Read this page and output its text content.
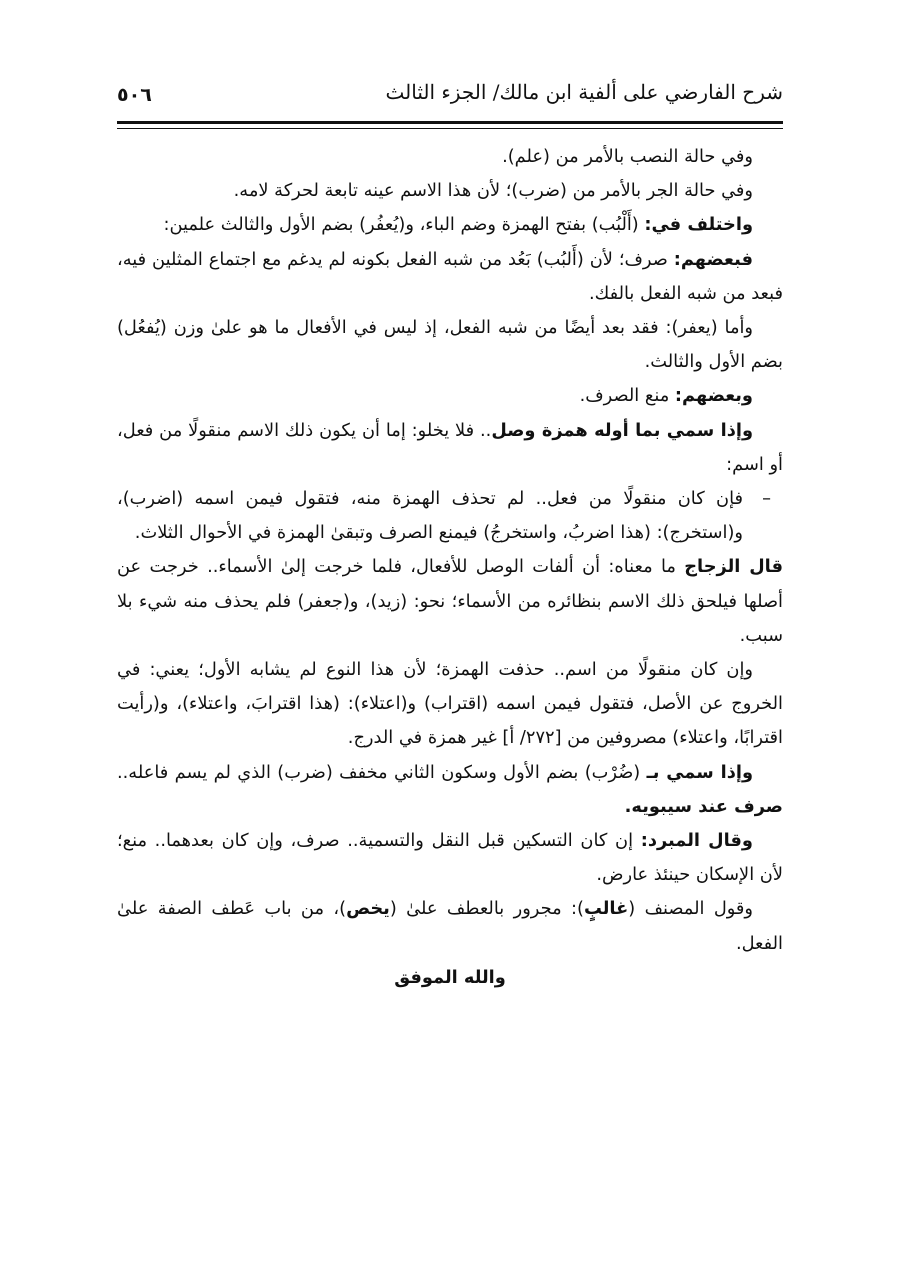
شرح الفارضي على ألفية ابن مالك/ الجزء الثالث
٥٠٦

وفي حالة النصب بالأمر من (علم).

وفي حالة الجر بالأمر من (ضرب)؛ لأن هذا الاسم عينه تابعة لحركة لامه.

واختلف في: (أَلْبُب) بفتح الهمزة وضم الباء، و(يُعفُر) بضم الأول والثالث علمين:

فبعضهم: صرف؛ لأن (أَلبُب) بَعُد من شبه الفعل بكونه لم يدغم مع اجتماع المثلين فيه، فبعد من شبه الفعل بالفك.

وأما (يعفر): فقد بعد أيضًا من شبه الفعل، إذ ليس في الأفعال ما هو علىٰ وزن (يُفعُل) بضم الأول والثالث.

وبعضهم: منع الصرف.

وإذا سمي بما أوله همزة وصل.. فلا يخلو: إما أن يكون ذلك الاسم منقولًا من فعل، أو اسم:

–
فإن كان منقولًا من فعل.. لم تحذف الهمزة منه، فتقول فيمن اسمه (اضرب)، و(استخرج): (هذا اضربُ، واستخرجُ) فيمنع الصرف وتبقىٰ الهمزة في الأحوال الثلاث.

قال الزجاج ما معناه: أن ألفات الوصل للأفعال، فلما خرجت إلىٰ الأسماء.. خرجت عن أصلها فيلحق ذلك الاسم بنظائره من الأسماء؛ نحو: (زيد)، و(جعفر) فلم يحذف منه شيء بلا سبب.

وإن كان منقولًا من اسم.. حذفت الهمزة؛ لأن هذا النوع لم يشابه الأول؛ يعني: في الخروج عن الأصل، فتقول فيمن اسمه (اقتراب) و(اعتلاء): (هذا اقترابَ، واعتلاء)، و(رأيت اقترابًا، واعتلاء) مصروفين من [٢٧٢/ أ] غير همزة في الدرج.

وإذا سمي بـ (ضُرْب) بضم الأول وسكون الثاني مخفف (ضرب) الذي لم يسم فاعله.. صرف عند سيبويه.

وقال المبرد: إن كان التسكين قبل النقل والتسمية.. صرف، وإن كان بعدهما.. منع؛ لأن الإسكان حينئذ عارض.

وقول المصنف (غالبٍ): مجرور بالعطف علىٰ (يخص)، من باب عَطف الصفة علىٰ الفعل.

والله الموفق
